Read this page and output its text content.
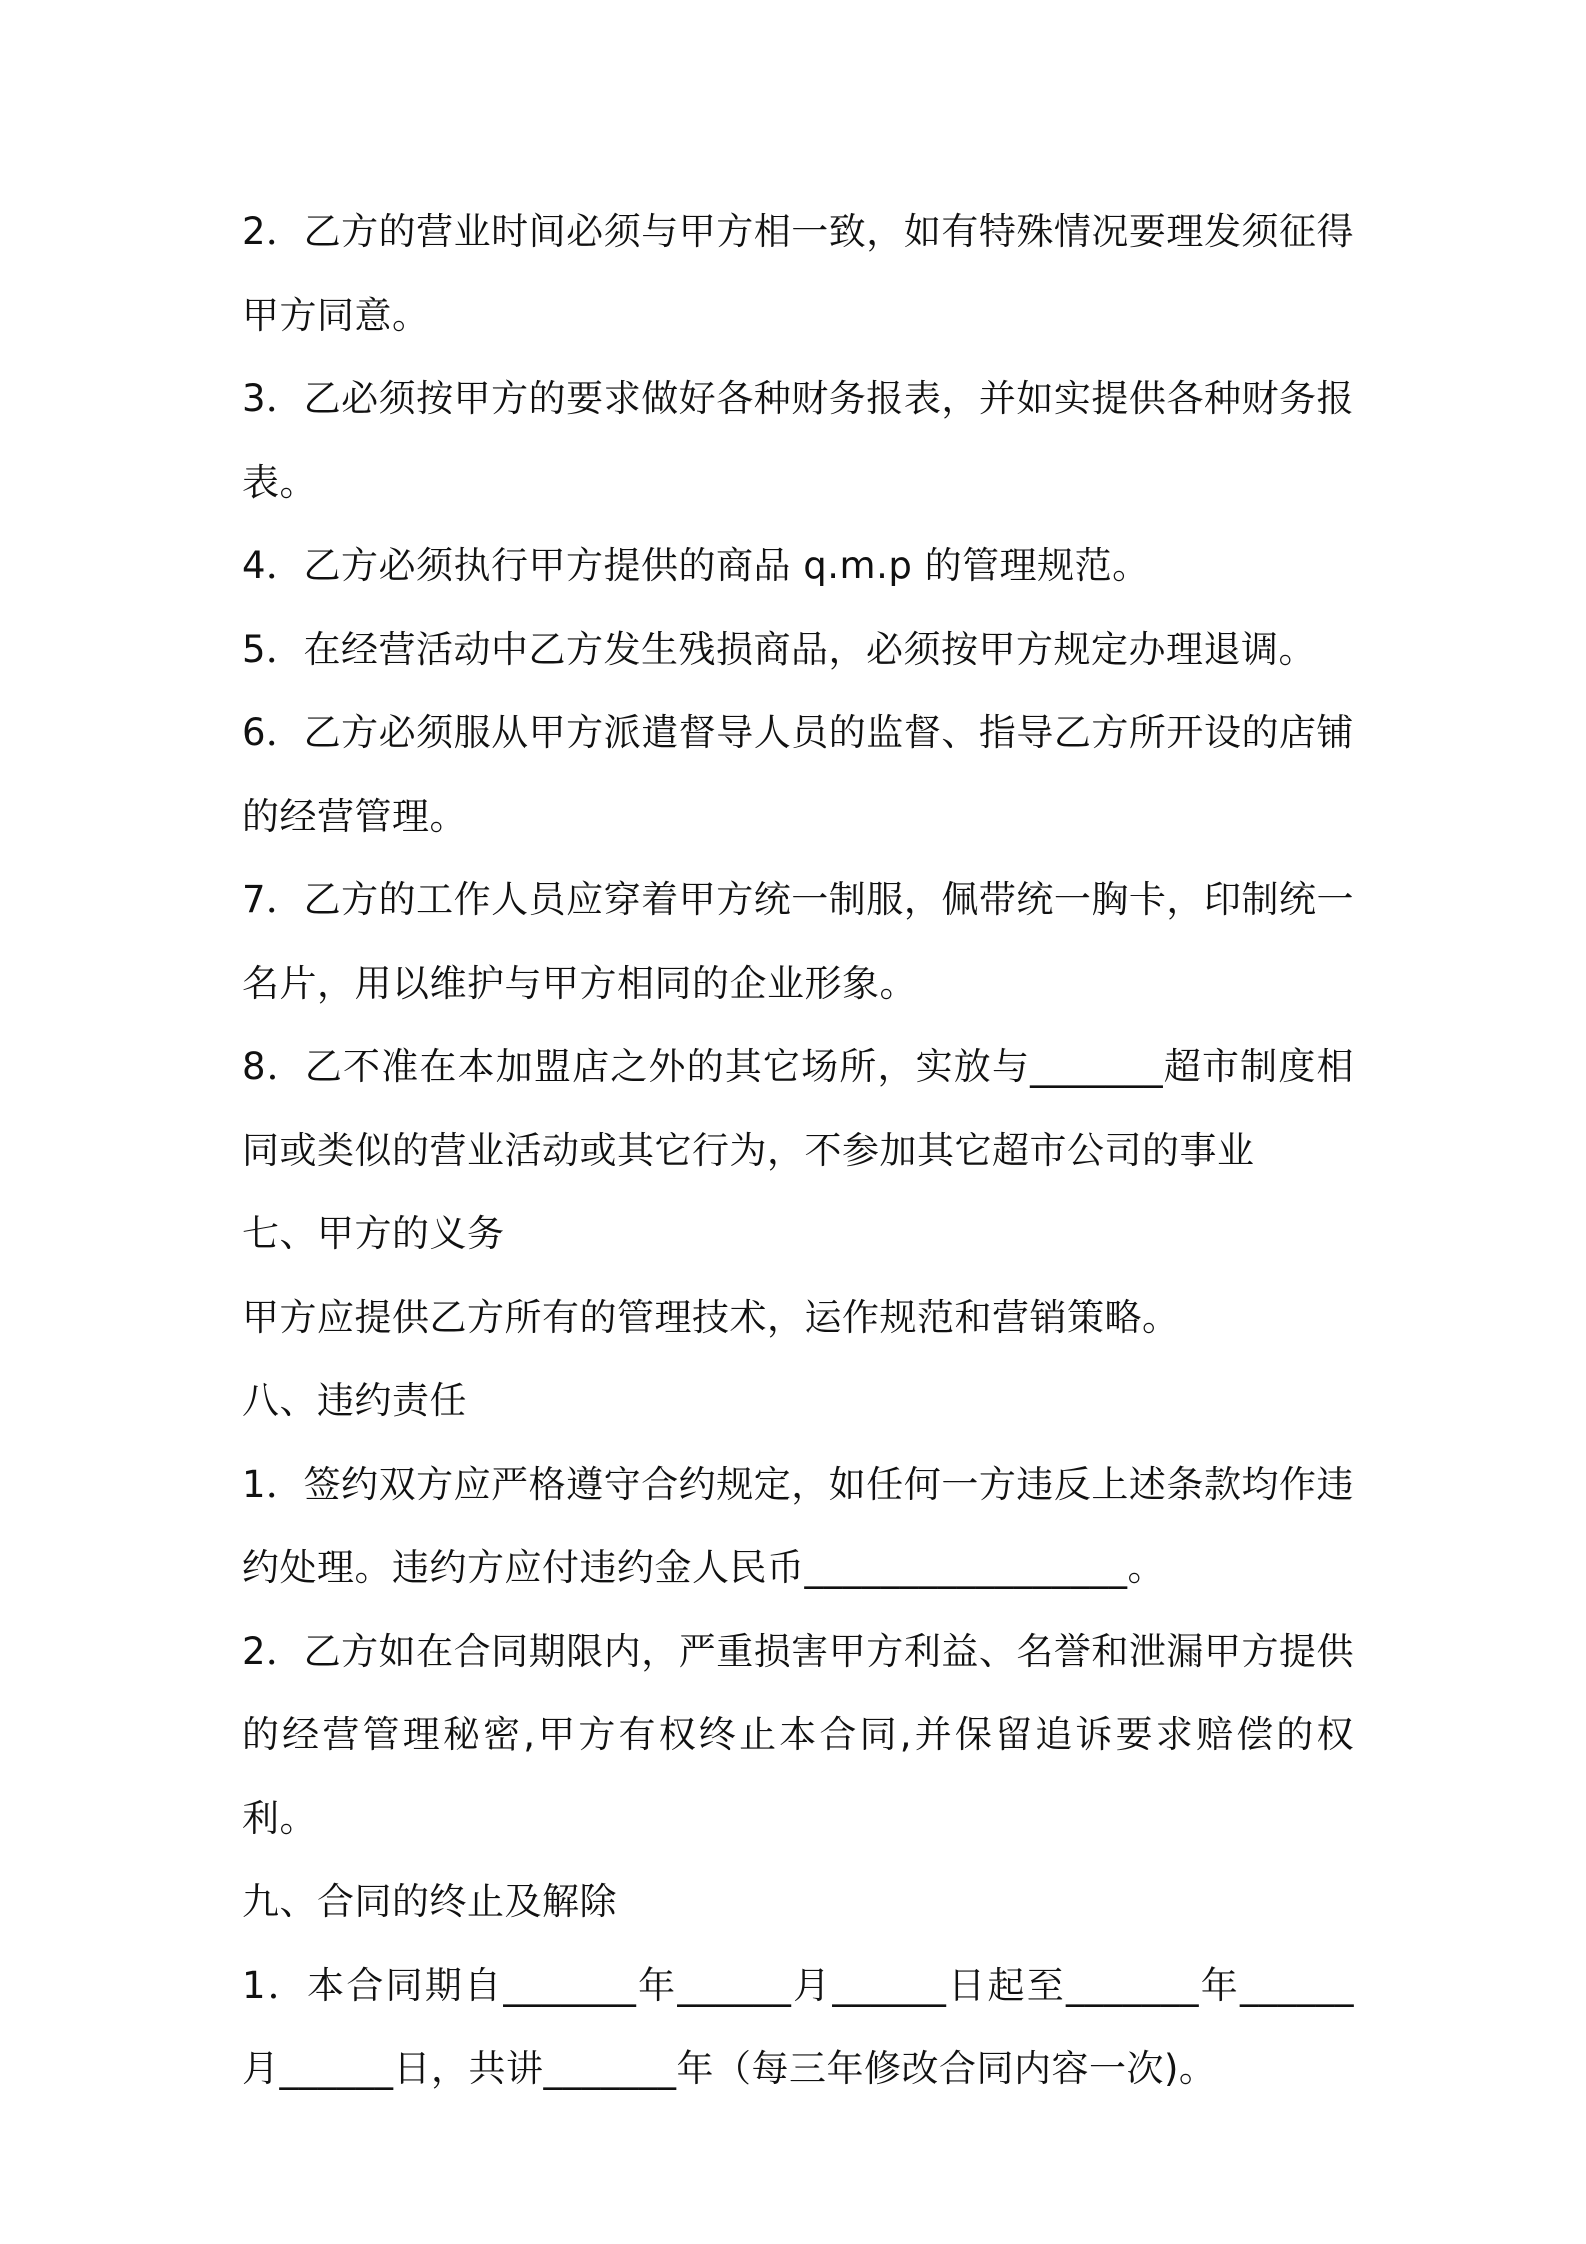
2．乙方的营业时间必须与甲方相一致，如有特殊情况要理发须征得甲方同意。

3．乙必须按甲方的要求做好各种财务报表，并如实提供各种财务报表。

4．乙方必须执行甲方提供的商品 q.m.p 的管理规范。

5．在经营活动中乙方发生残损商品，必须按甲方规定办理退调。

6．乙方必须服从甲方派遣督导人员的监督、指导乙方所开设的店铺的经营管理。

7．乙方的工作人员应穿着甲方统一制服，佩带统一胸卡，印制统一名片，用以维护与甲方相同的企业形象。

8．乙不准在本加盟店之外的其它场所，实放与_______超市制度相同或类似的营业活动或其它行为，不参加其它超市公司的事业

七、甲方的义务

甲方应提供乙方所有的管理技术，运作规范和营销策略。

八、违约责任

1．签约双方应严格遵守合约规定，如任何一方违反上述条款均作违约处理。违约方应付违约金人民币_________________。

2．乙方如在合同期限内，严重损害甲方利益、名誉和泄漏甲方提供的经营管理秘密,甲方有权终止本合同,并保留追诉要求赔偿的权利。

九、合同的终止及解除

1．本合同期自_______年______月______日起至_______年______月______日，共讲_______年（每三年修改合同内容一次)。
